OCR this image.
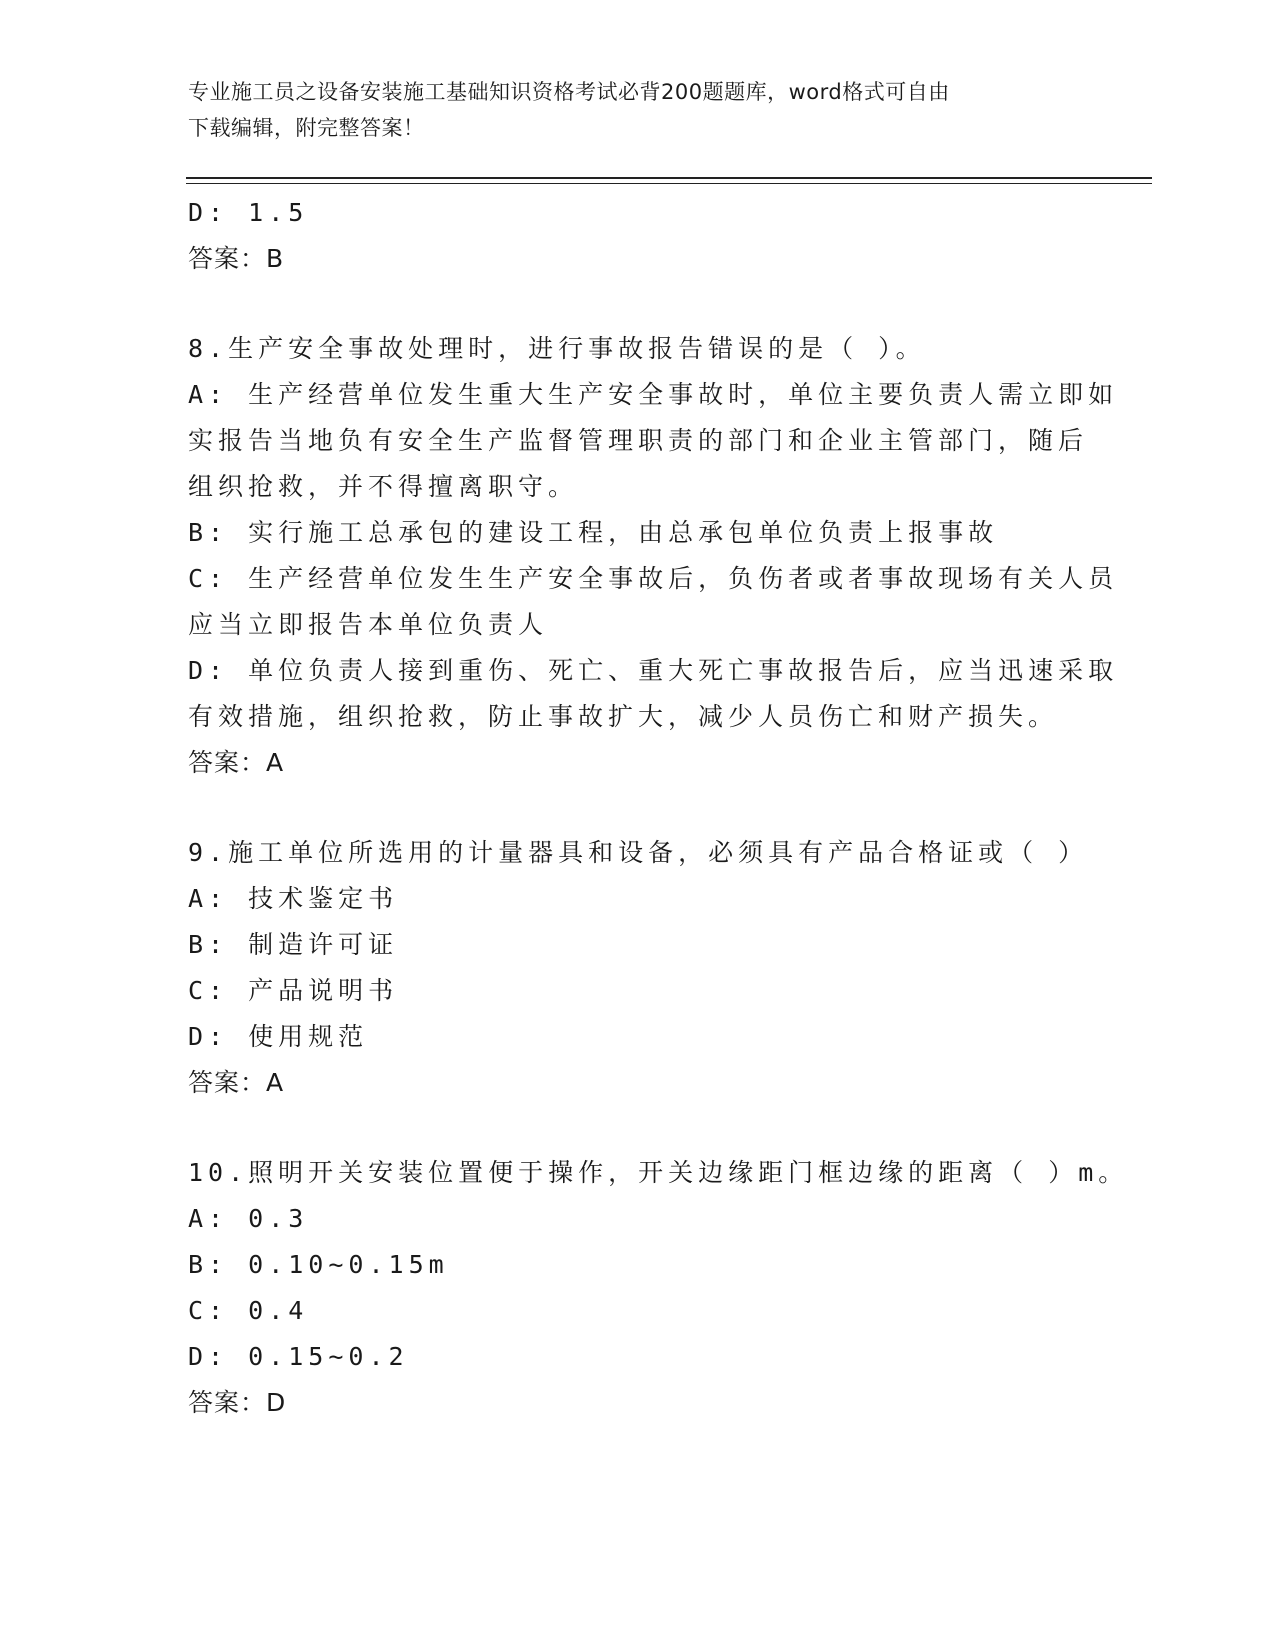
专业施工员之设备安装施工基础知识资格考试必背200题题库，word格式可自由
下载编辑，附完整答案！
D: 1.5
答案：B
8.生产安全事故处理时，进行事故报告错误的是（ ）。
A: 生产经营单位发生重大生产安全事故时，单位主要负责人需立即如
实报告当地负有安全生产监督管理职责的部门和企业主管部门，随后
组织抢救，并不得擅离职守。
B: 实行施工总承包的建设工程，由总承包单位负责上报事故
C: 生产经营单位发生生产安全事故后，负伤者或者事故现场有关人员
应当立即报告本单位负责人
D: 单位负责人接到重伤、死亡、重大死亡事故报告后，应当迅速采取
有效措施，组织抢救，防止事故扩大，减少人员伤亡和财产损失。
答案：A
9.施工单位所选用的计量器具和设备，必须具有产品合格证或（ ）
A: 技术鉴定书
B: 制造许可证
C: 产品说明书
D: 使用规范
答案：A
10.照明开关安装位置便于操作，开关边缘距门框边缘的距离（ ）m。
A: 0.3
B: 0.10~0.15m
C: 0.4
D: 0.15~0.2
答案：D
